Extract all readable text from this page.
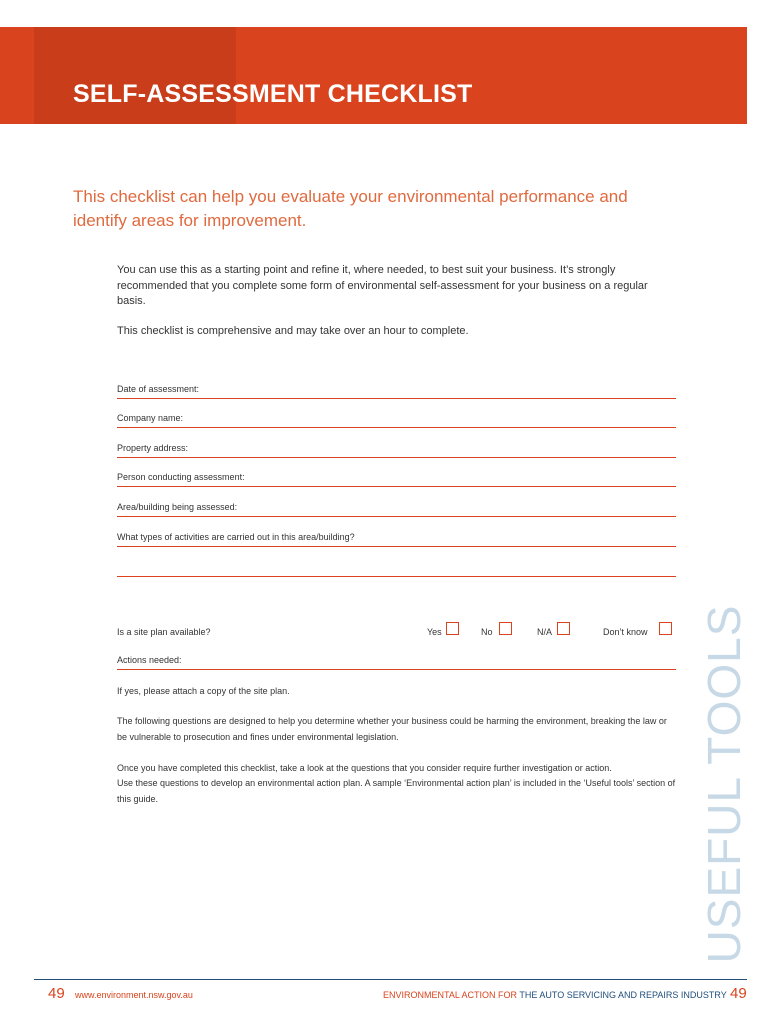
SELF-ASSESSMENT CHECKLIST
This checklist can help you evaluate your environmental performance and identify areas for improvement.
You can use this as a starting point and refine it, where needed, to best suit your business. It’s strongly recommended that you complete some form of environmental self-assessment for your business on a regular basis.
This checklist is comprehensive and may take over an hour to complete.
Date of assessment:
Company name:
Property address:
Person conducting assessment:
Area/building being assessed:
What types of activities are carried out in this area/building?
Is a site plan available?	Yes	No	N/A	Don’t know
Actions needed:
If yes, please attach a copy of the site plan.
The following questions are designed to help you determine whether your business could be harming the environment, breaking the law or be vulnerable to prosecution and fines under environmental legislation.
Once you have completed this checklist, take a look at the questions that you consider require further investigation or action.
Use these questions to develop an environmental action plan. A sample ‘Environmental action plan’ is included in the ‘Useful tools’ section of this guide.	USEFUL TOOLS
49 www.environment.nsw.gov.au	ENVIRONMENTAL ACTION FOR THE AUTO SERVICING AND REPAIRS INDUSTRY 49
